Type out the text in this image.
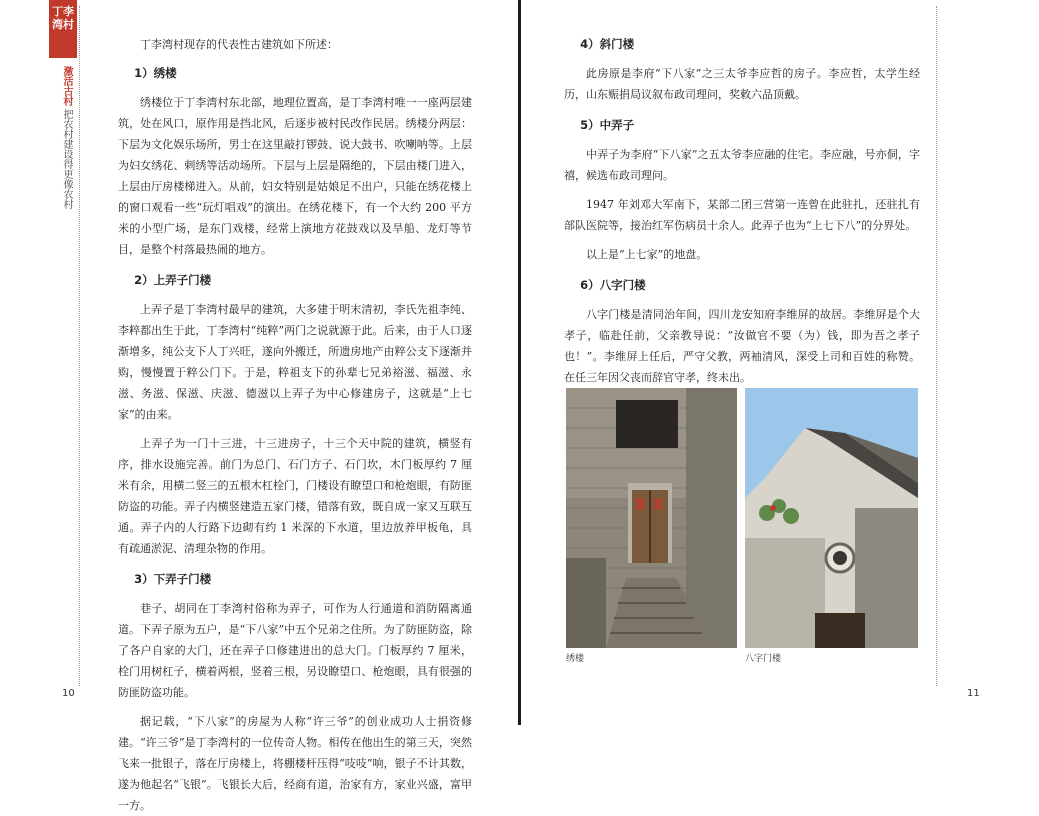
丁李湾村
激活古村 把农村建设得更像农村

丁李湾村现存的代表性古建筑如下所述：

1）绣楼

绣楼位于丁李湾村东北部，地理位置高，是丁李湾村唯一一座两层建筑，处在风口，原作用是挡北风，后逐步被村民改作民居。绣楼分两层：下层为文化娱乐场所，男士在这里敲打锣鼓、说大鼓书、吹喇呐等。上层为妇女绣花、剌绣等活动场所。下层与上层是隔绝的，下层由楼门进入，上层由厅房楼梯进入。从前，妇女特别是姑娘足不出户，只能在绣花楼上的窗口观看一些“玩灯唱戏”的演出。在绣花楼下，有一个大约 200 平方米的小型广场，是东门戏楼，经常上演地方花鼓戏以及旱船、龙灯等节目，是整个村落最热闹的地方。

2）上弄子门楼

上弄子是丁李湾村最早的建筑，大多建于明末清初，李氏先祖李纯、李粹都出生于此，丁李湾村“纯粹”两门之说就源于此。后来，由于人口逐渐增多，纯公支下人丁兴旺，遂向外搬迁，所遗房地产由粹公支下逐渐并购，慢慢置于粹公门下。于是，粹祖支下的孙辈七兄弟裕滋、福滋、永滋、务滋、保滋、庆滋、德滋以上弄子为中心修建房子，这就是“上七家”的由来。

上弄子为一门十三进，十三进房子，十三个天中院的建筑，横竖有序，排水设施完善。前门为总门、石门方子、石门坎，木门板厚约 7 厘米有余，用横二竖三的五根木杠栓门，门楼设有瞭望口和枪炮眼，有防匪防盗的功能。弄子内横竖建造五家门楼，错落有致，既自成一家又互联互通。弄子内的人行路下边砌有约 1 米深的下水道，里边放养甲板龟，具有疏通淤泥、清理杂物的作用。

3）下弄子门楼

巷子、胡同在丁李湾村俗称为弄子，可作为人行通道和消防隔离通道。下弄子原为五户，是“下八家”中五个兄弟之住所。为了防匪防盗，除了各户自家的大门，还在弄子口修建进出的总大门。门板厚约 7 厘米，栓门用树杠子，横着两根，竖着三根，另设瞭望口、枪炮眼，具有很强的防匪防盗功能。

据记载，“下八家”的房屋为人称“许三爷”的创业成功人士捐资修建。“许三爷”是丁李湾村的一位传奇人物。相传在他出生的第三天，突然飞来一批银子，落在厅房楼上，将棚楼杆压得“吱吱”响，银子不计其数，遂为他起名“飞银”。飞银长大后，经商有道，治家有方，家业兴盛，富甲一方。

10

4）斜门楼

此房原是李府“下八家”之三太爷李应哲的房子。李应哲，太学生经历，山东赈捐局议叙布政司理问，奖敕六品顶戴。

5）中弄子

中弄子为李府“下八家”之五太爷李应融的住宅。李应融，号亦侗，字禧，候选布政司理问。

1947 年刘邓大军南下，某部二团三营第一连曾在此驻扎，还驻扎有部队医院等，接治红军伤病员十余人。此弄子也为“上七下八”的分界处。

以上是“上七家”的地盘。

6）八字门楼

八字门楼是清同治年间，四川龙安知府李维屏的故居。李维屏是个大孝子，临赴任前，父亲教导说：“汝做官不要（为）钱，即为吾之孝子也！”。李维屏上任后，严守父教，两袖清风，深受上司和百姓的称赞。在任三年因父丧而辞官守孝，终未出。

绣楼	八字门楼
11
